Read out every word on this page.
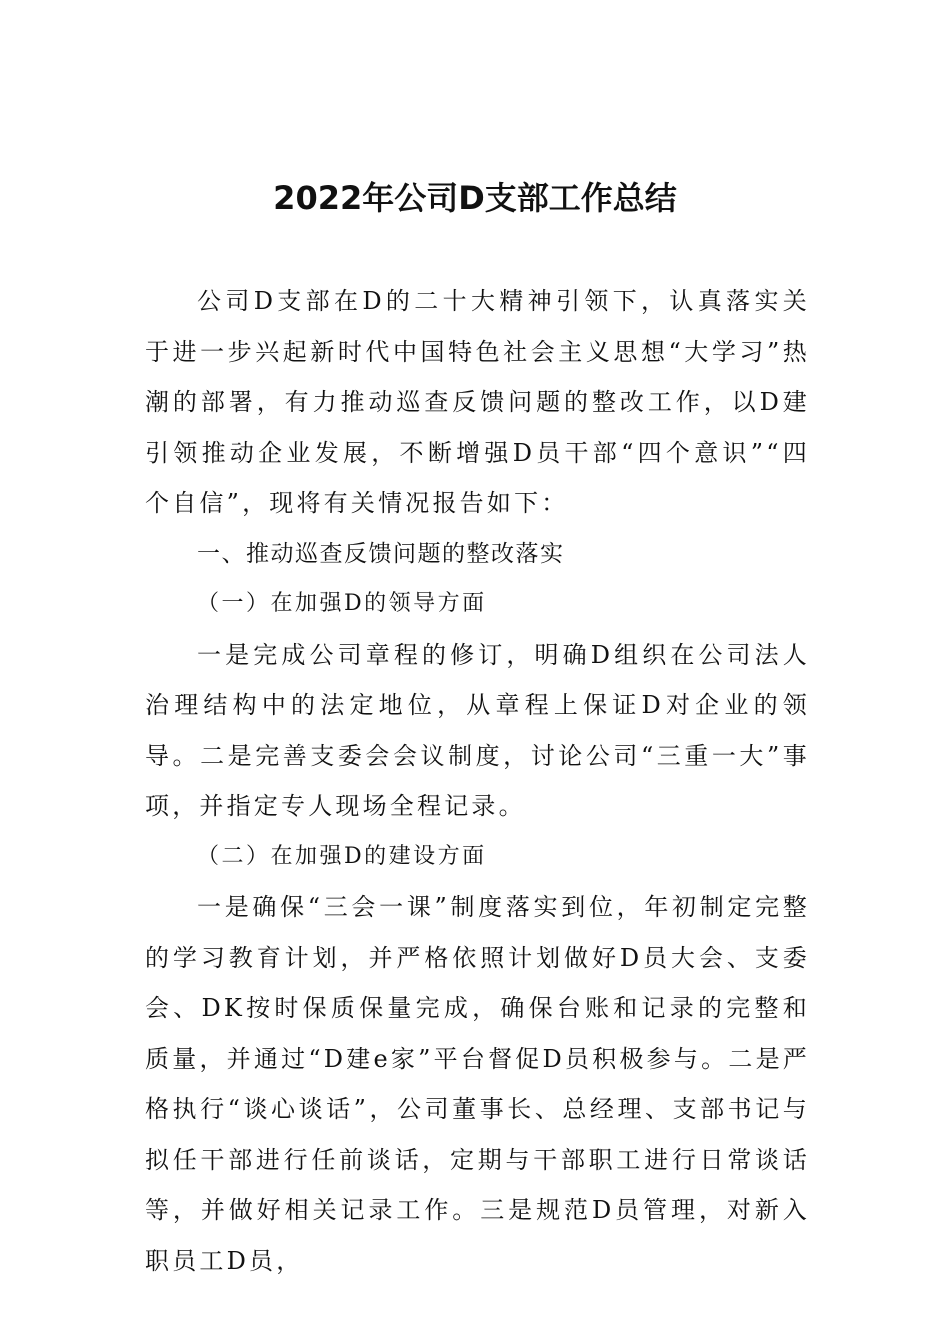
2022年公司D支部工作总结

公司D支部在D的二十大精神引领下，认真落实关于进一步兴起新时代中国特色社会主义思想“大学习”热潮的部署，有力推动巡查反馈问题的整改工作，以D建引领推动企业发展，不断增强D员干部“四个意识”“四个自信”，现将有关情况报告如下：

一、推动巡查反馈问题的整改落实

（一）在加强D的领导方面

一是完成公司章程的修订，明确D组织在公司法人治理结构中的法定地位，从章程上保证D对企业的领导。二是完善支委会会议制度，讨论公司“三重一大”事项，并指定专人现场全程记录。

（二）在加强D的建设方面

一是确保“三会一课”制度落实到位，年初制定完整的学习教育计划，并严格依照计划做好D员大会、支委会、DK按时保质保量完成，确保台账和记录的完整和质量，并通过“D建e家”平台督促D员积极参与。二是严格执行“谈心谈话”，公司董事长、总经理、支部书记与拟任干部进行任前谈话，定期与干部职工进行日常谈话等，并做好相关记录工作。三是规范D员管理，对新入职员工D员，
